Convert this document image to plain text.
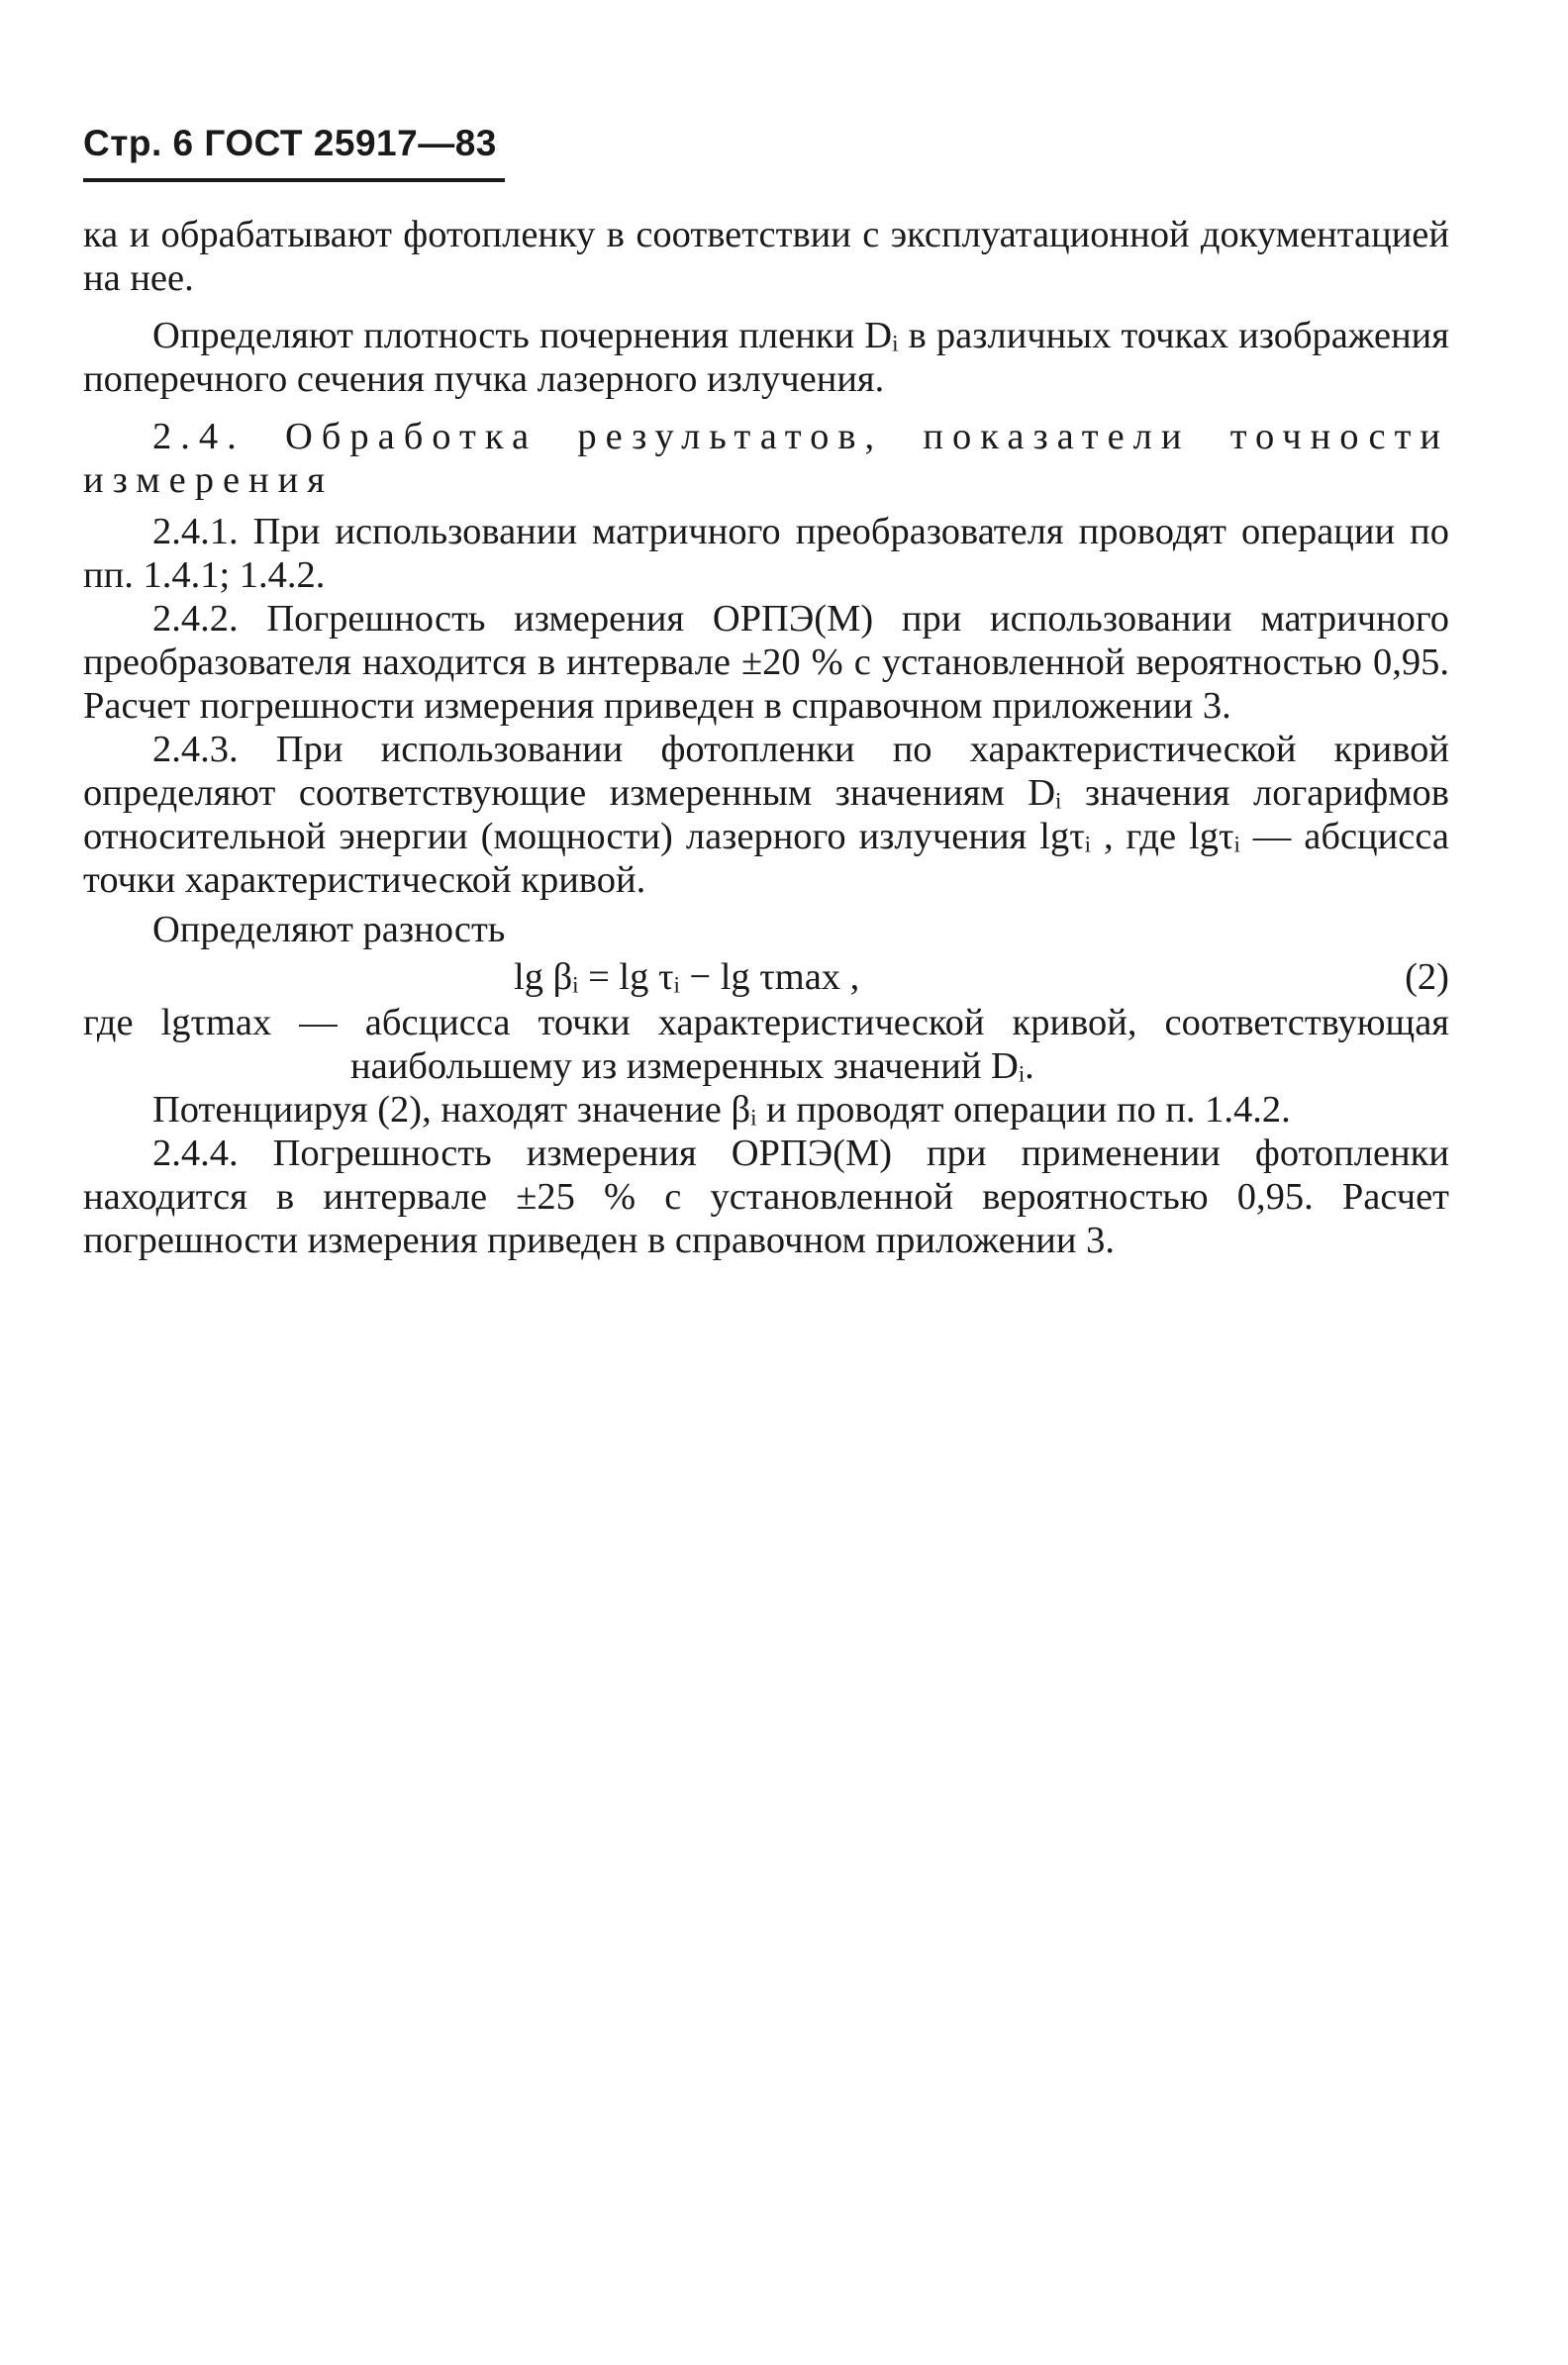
Стр. 6 ГОСТ 25917—83

ка и обрабатывают фотопленку в соответствии с эксплуатационной документацией на нее.

Определяют плотность почернения пленки Dᵢ в различных точках изображения поперечного сечения пучка лазерного излучения.

2.4. Обработка результатов, показатели точности измерения

2.4.1. При использовании матричного преобразователя проводят операции по пп. 1.4.1; 1.4.2.

2.4.2. Погрешность измерения ОРПЭ(M) при использовании матричного преобразователя находится в интервале ±20 % с установленной вероятностью 0,95. Расчет погрешности измерения приведен в справочном приложении 3.

2.4.3. При использовании фотопленки по характеристической кривой определяют соответствующие измеренным значениям Dᵢ значения логарифмов относительной энергии (мощности) лазерного излучения lgτᵢ , где lgτᵢ — абсцисса точки характеристической кривой.

Определяют разность

lg βᵢ = lg τᵢ − lg τmax ,	(2)

где lgτmax — абсцисса точки характеристической кривой, соответствующая наибольшему из измеренных значений Dᵢ.

Потенциируя (2), находят значение βᵢ и проводят операции по п. 1.4.2.

2.4.4. Погрешность измерения ОРПЭ(M) при применении фотопленки находится в интервале ±25 % с установленной вероятностью 0,95. Расчет погрешности измерения приведен в справочном приложении 3.
